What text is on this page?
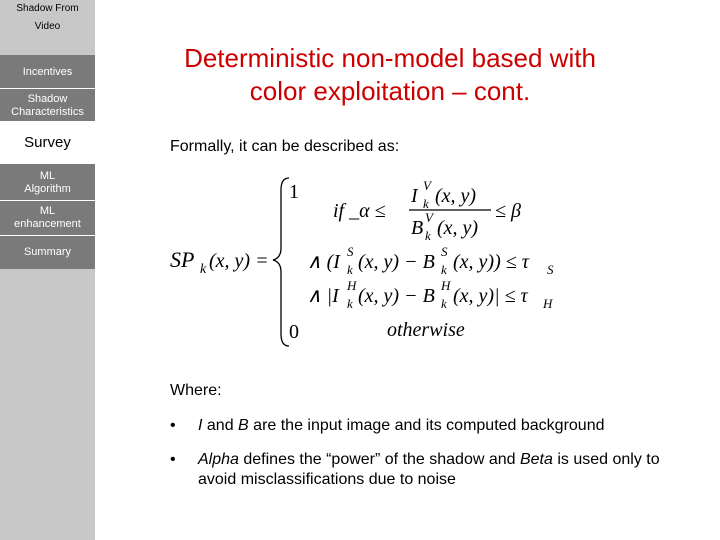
Shadow From
Video
Incentives
Shadow
Characteristics
Survey
ML
Algorithm
ML
enhancement
Summary
Deterministic non-model based with
color exploitation – cont.
Formally, it can be described as:
SP k (x, y) =
1
if _α ≤
I V
k (x, y)
B V
k (x, y)
≤ β
∧ (I S
k (x, y) − B S
k (x, y)) ≤ τ S
∧ |I H
k (x, y) − B H
k (x, y)| ≤ τ H
0	otherwise
Where:
• I and B are the input image and its computed background
• Alpha defines the “power” of the shadow and Beta is used only to avoid misclassifications due to noise
